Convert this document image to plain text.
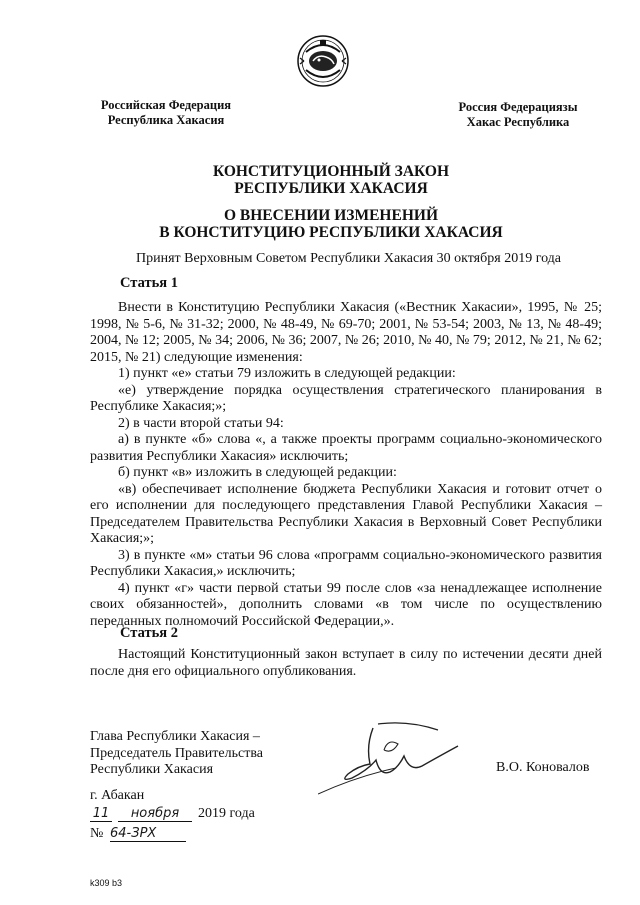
Российская Федерация
Республика Хакасия
Россия Федерациязы
Хакас Республика
КОНСТИТУЦИОННЫЙ ЗАКОН
РЕСПУБЛИКИ ХАКАСИЯ
О ВНЕСЕНИИ ИЗМЕНЕНИЙ
В КОНСТИТУЦИЮ РЕСПУБЛИКИ ХАКАСИЯ
Принят Верховным Советом Республики Хакасия 30 октября 2019 года
Статья 1

Внести в Конституцию Республики Хакасия («Вестник Хакасии», 1995, № 25; 1998, № 5-6, № 31-32; 2000, № 48-49, № 69-70; 2001, № 53-54; 2003, № 13, № 48-49; 2004, № 12; 2005, № 34; 2006, № 36; 2007, № 26; 2010, № 40, № 79; 2012, № 21, № 62; 2015, № 21) следующие изменения:

1) пункт «е» статьи 79 изложить в следующей редакции:

«е) утверждение порядка осуществления стратегического планирования в Республике Хакасия;»;

2) в части второй статьи 94:

а) в пункте «б» слова «, а также проекты программ социально-экономического развития Республики Хакасия» исключить;

б) пункт «в» изложить в следующей редакции:

«в) обеспечивает исполнение бюджета Республики Хакасия и готовит отчет о его исполнении для последующего представления Главой Республики Хакасия – Председателем Правительства Республики Хакасия в Верховный Совет Республики Хакасия;»;

3) в пункте «м» статьи 96 слова «программ социально-экономического развития Республики Хакасия,» исключить;

4) пункт «г» части первой статьи 99 после слов «за ненадлежащее исполнение своих обязанностей», дополнить словами «в том числе по осуществлению переданных полномочий Российской Федерации,».

Статья 2

Настоящий Конституционный закон вступает в силу по истечении десяти дней после дня его официального опубликования.

Глава Республики Хакасия –
Председатель Правительства
Республики Хакасия	В.О. Коновалов
г. Абакан
11	ноября	2019 года
№ 64-ЗРХ
k309 b3
